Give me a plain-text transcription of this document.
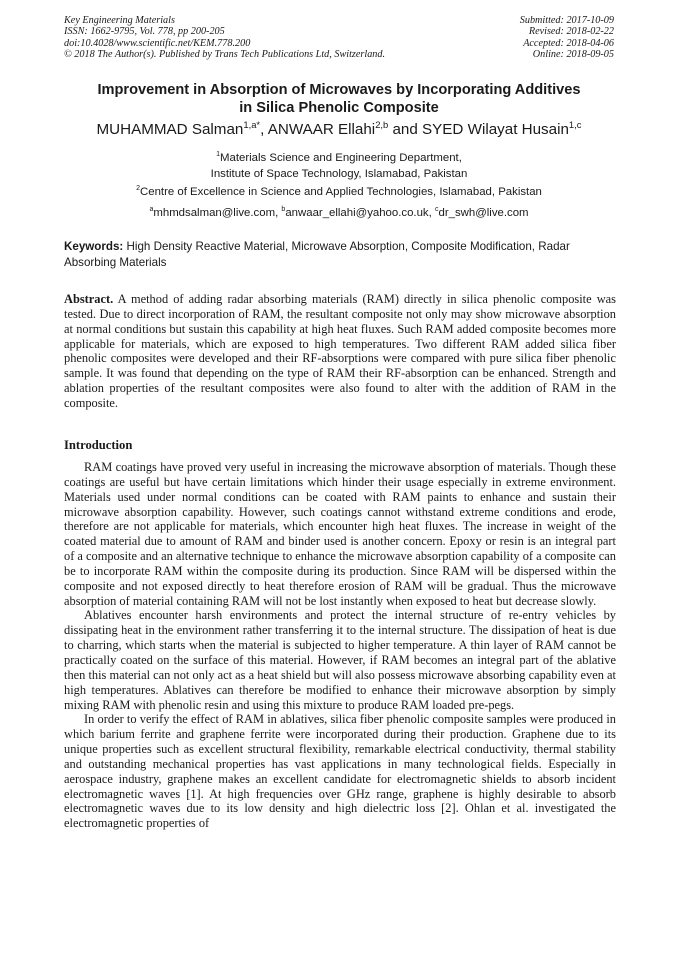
Key Engineering Materials
ISSN: 1662-9795, Vol. 778, pp 200-205
doi:10.4028/www.scientific.net/KEM.778.200
© 2018 The Author(s). Published by Trans Tech Publications Ltd, Switzerland.
Submitted: 2017-10-09
Revised: 2018-02-22
Accepted: 2018-04-06
Online: 2018-09-05
Improvement in Absorption of Microwaves by Incorporating Additives
in Silica Phenolic Composite
MUHAMMAD Salman$^{1,a*}$, ANWAAR Ellahi$^{2,b}$ and SYED Wilayat Husain$^{1,c}$
$^1$Materials Science and Engineering Department,
Institute of Space Technology, Islamabad, Pakistan
$^2$Centre of Excellence in Science and Applied Technologies, Islamabad, Pakistan
$^a$mhmdsalman@live.com, $^b$anwaar_ellahi@yahoo.co.uk, $^c$dr_swh@live.com
Keywords: High Density Reactive Material, Microwave Absorption, Composite Modification, Radar Absorbing Materials
Abstract. A method of adding radar absorbing materials (RAM) directly in silica phenolic composite was tested. Due to direct incorporation of RAM, the resultant composite not only may show microwave absorption at normal conditions but sustain this capability at high heat fluxes. Such RAM added composite becomes more applicable for materials, which are exposed to high temperatures. Two different RAM added silica fiber phenolic composites were developed and their RF-absorptions were compared with pure silica fiber phenolic sample. It was found that depending on the type of RAM their RF-absorption can be enhanced. Strength and ablation properties of the resultant composites were also found to alter with the addition of RAM in the composite.
Introduction

RAM coatings have proved very useful in increasing the microwave absorption of materials. Though these coatings are useful but have certain limitations which hinder their usage especially in extreme environment. Materials used under normal conditions can be coated with RAM paints to enhance and sustain their microwave absorption capability. However, such coatings cannot withstand extreme conditions and erode, therefore are not applicable for materials, which encounter high heat fluxes. The increase in weight of the coated material due to amount of RAM and binder used is another concern. Epoxy or resin is an integral part of a composite and an alternative technique to enhance the microwave absorption capability of a composite can be to incorporate RAM within the composite during its production. Since RAM will be dispersed within the composite and not exposed directly to heat therefore erosion of RAM will be gradual. Thus the microwave absorption of material containing RAM will not be lost instantly when exposed to heat but decrease slowly.

Ablatives encounter harsh environments and protect the internal structure of re-entry vehicles by dissipating heat in the environment rather transferring it to the internal structure. The dissipation of heat is due to charring, which starts when the material is subjected to higher temperature. A thin layer of RAM cannot be practically coated on the surface of this material. However, if RAM becomes an integral part of the ablative then this material can not only act as a heat shield but will also possess microwave absorbing capability even at high temperatures. Ablatives can therefore be modified to enhance their microwave absorption by simply mixing RAM with phenolic resin and using this mixture to produce RAM loaded pre-pegs.

In order to verify the effect of RAM in ablatives, silica fiber phenolic composite samples were produced in which barium ferrite and graphene ferrite were incorporated during their production. Graphene due to its unique properties such as excellent structural flexibility, remarkable electrical conductivity, thermal stability and outstanding mechanical properties has vast applications in many technological fields. Especially in aerospace industry, graphene makes an excellent candidate for electromagnetic shields to absorb incident electromagnetic waves [1]. At high frequencies over GHz range, graphene is highly desirable to absorb electromagnetic waves due to its low density and high dielectric loss [2]. Ohlan et al. investigated the electromagnetic properties of
